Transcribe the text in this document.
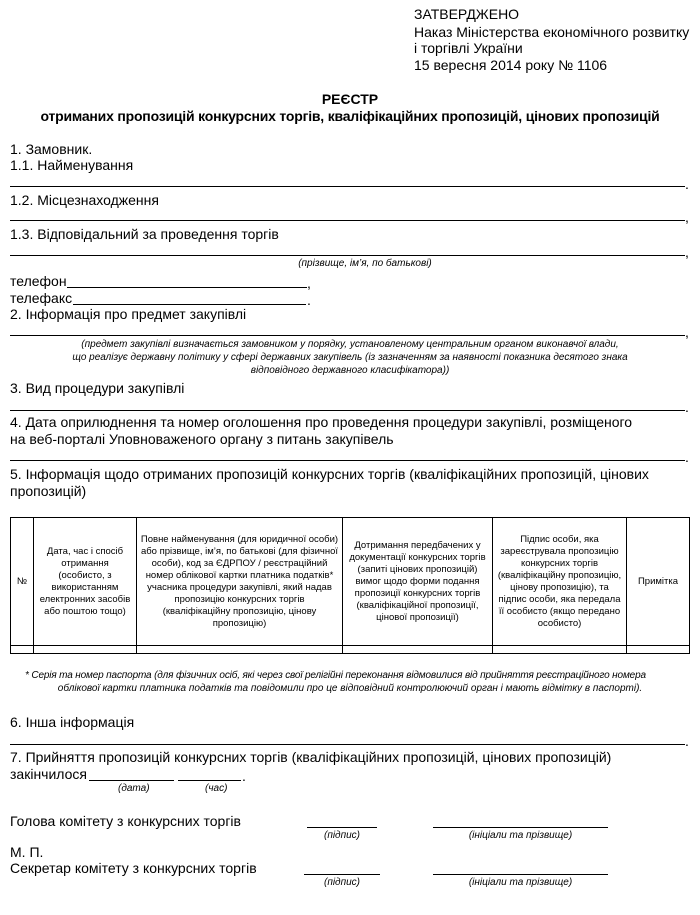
ЗАТВЕРДЖЕНО
Наказ Міністерства економічного розвитку
і торгівлі України
15 вересня 2014 року № 1106
РЕЄСТР
отриманих пропозицій конкурсних торгів, кваліфікаційних пропозицій, цінових пропозицій
1. Замовник.
1.1. Найменування
.
1.2. Місцезнаходження
,
1.3. Відповідальний за проведення торгів
,
(прізвище, ім’я, по батькові)
телефон	,
телефакс	.
2. Інформація про предмет закупівлі
,
(предмет закупівлі визначається замовником у порядку, установленому центральним органом виконавчої влади,
що реалізує державну політику у сфері державних закупівель (із зазначенням за наявності показника десятого знака
відповідного державного класифікатора))
3. Вид процедури закупівлі
.
4. Дата оприлюднення та номер оголошення про проведення процедури закупівлі, розміщеного
на веб-порталі Уповноваженого органу з питань закупівель
.
5. Інформація щодо отриманих пропозицій конкурсних торгів (кваліфікаційних пропозицій, цінових
пропозицій)
№	Дата, час і спосіб отримання (особисто, з використанням електронних засобів або поштою тощо)	Повне найменування (для юридичної особи) або прізвище, ім’я, по батькові (для фізичної особи), код за ЄДРПОУ / реєстраційний номер облікової картки платника податків* учасника процедури закупівлі, який надав пропозицію конкурсних торгів (кваліфікаційну пропозицію, цінову пропозицію)	Дотримання передбачених у документації конкурсних торгів (запиті цінових пропозицій) вимог щодо форми подання пропозиції конкурсних торгів (кваліфікаційної пропозиції, цінової пропозиції)	Підпис особи, яка зареєструвала пропозицію конкурсних торгів (кваліфікаційну пропозицію, цінову пропозицію), та підпис особи, яка передала її особисто (якщо передано особисто)	Примітка

* Серія та номер паспорта (для фізичних осіб, які через свої релігійні переконання відмовилися від прийняття реєстраційного номера
облікової картки платника податків та повідомили про це відповідний контролюючий орган і мають відмітку в паспорті).
6. Інша інформація
.
7. Прийняття пропозицій конкурсних торгів (кваліфікаційних пропозицій, цінових пропозицій)
закінчилося	.
(дата)	(час)
Голова комітету з конкурсних торгів
(підпис)	(ініціали та прізвище)
М. П.
Секретар комітету з конкурсних торгів
(підпис)	(ініціали та прізвище)
